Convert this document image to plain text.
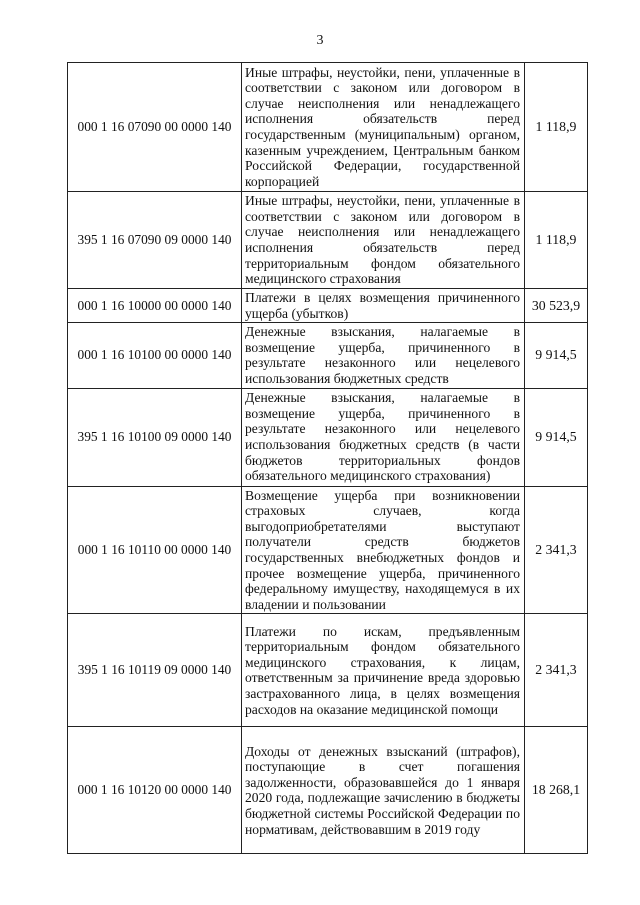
3
000 1 16 07090 00 0000 140	Иные штрафы, неустойки, пени, уплаченные в соответствии с законом или договором в случае неисполнения или ненадлежащего исполнения обязательств перед государственным (муниципальным) органом, казенным учреждением, Центральным банком Российской Федерации, государственной корпорацией	1 118,9
395 1 16 07090 09 0000 140	Иные штрафы, неустойки, пени, уплаченные в соответствии с законом или договором в случае неисполнения или ненадлежащего исполнения обязательств перед территориальным фондом обязательного медицинского страхования	1 118,9
000 1 16 10000 00 0000 140	Платежи в целях возмещения причиненного ущерба (убытков)	30 523,9
000 1 16 10100 00 0000 140	Денежные взыскания, налагаемые в возмещение ущерба, причиненного в результате незаконного или нецелевого использования бюджетных средств	9 914,5
395 1 16 10100 09 0000 140	Денежные взыскания, налагаемые в возмещение ущерба, причиненного в результате незаконного или нецелевого использования бюджетных средств (в части бюджетов территориальных фондов обязательного медицинского страхования)	9 914,5
000 1 16 10110 00 0000 140	Возмещение ущерба при возникновении страховых случаев, когда выгодоприобретателями выступают получатели средств бюджетов государственных внебюджетных фондов и прочее возмещение ущерба, причиненного федеральному имуществу, находящемуся в их владении и пользовании	2 341,3
395 1 16 10119 09 0000 140	Платежи по искам, предъявленным территориальным фондом обязательного медицинского страхования, к лицам, ответственным за причинение вреда здоровью застрахованного лица, в целях возмещения расходов на оказание медицинской помощи	2 341,3
000 1 16 10120 00 0000 140	Доходы от денежных взысканий (штрафов), поступающие в счет погашения задолженности, образовавшейся до 1 января 2020 года, подлежащие зачислению в бюджеты бюджетной системы Российской Федерации по нормативам, действовавшим в 2019 году	18 268,1
